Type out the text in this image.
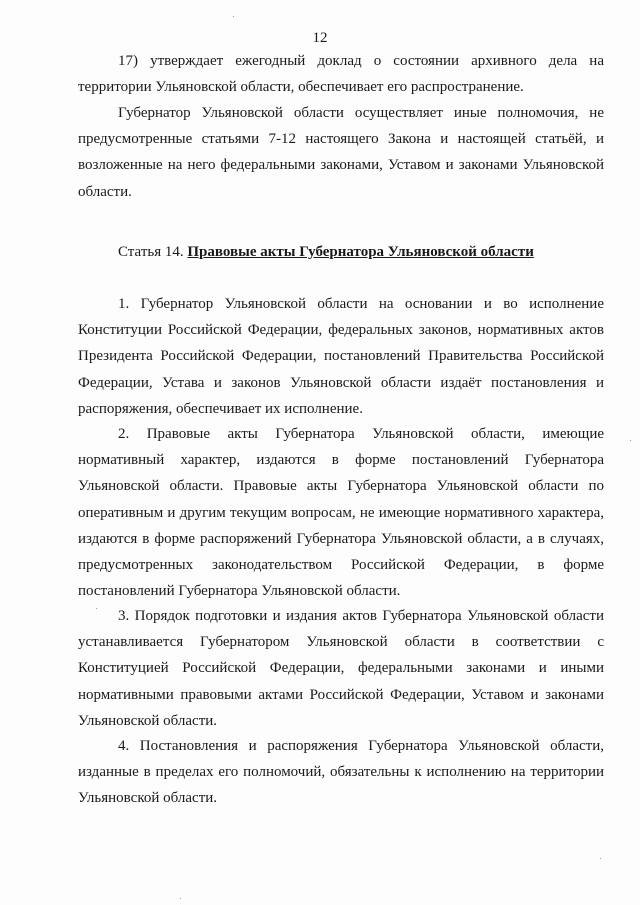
12

17) утверждает ежегодный доклад о состоянии архивного дела на территории Ульяновской области, обеспечивает его распространение.

Губернатор Ульяновской области осуществляет иные полномочия, не предусмотренные статьями 7-12 настоящего Закона и настоящей статьёй, и возложенные на него федеральными законами, Уставом и законами Ульяновской области.

Статья 14. Правовые акты Губернатора Ульяновской области

1. Губернатор Ульяновской области на основании и во исполнение Конституции Российской Федерации, федеральных законов, нормативных актов Президента Российской Федерации, постановлений Правительства Российской Федерации, Устава и законов Ульяновской области издаёт постановления и распоряжения, обеспечивает их исполнение.

2. Правовые акты Губернатора Ульяновской области, имеющие нормативный характер, издаются в форме постановлений Губернатора Ульяновской области. Правовые акты Губернатора Ульяновской области по оперативным и другим текущим вопросам, не имеющие нормативного характера, издаются в форме распоряжений Губернатора Ульяновской области, а в случаях, предусмотренных законодательством Российской Федерации, в форме постановлений Губернатора Ульяновской области.

3. Порядок подготовки и издания актов Губернатора Ульяновской области устанавливается Губернатором Ульяновской области в соответствии с Конституцией Российской Федерации, федеральными законами и иными нормативными правовыми актами Российской Федерации, Уставом и законами Ульяновской области.

4. Постановления и распоряжения Губернатора Ульяновской области, изданные в пределах его полномочий, обязательны к исполнению на территории Ульяновской области.
